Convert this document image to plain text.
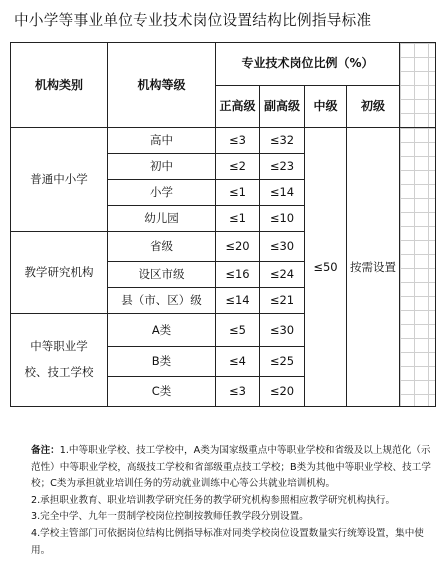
中小学等事业单位专业技术岗位设置结构比例指导标准
机构类别	机构等级	专业技术岗位比例（%）				

		正高级	副高级	中级	初级	
普通中小学	高中	≤3	≤32	≤50	按需设置	

	初中	≤2	≤23			
	小学	≤1	≤14			
	幼儿园	≤1	≤10			
教学研究机构	省级	≤20	≤30			
	设区市级	≤16	≤24			
	县（市、区）级	≤14	≤21			

中等职业学
校、技工学校	A类	≤5	≤30			
	B类	≤4	≤25			
	C类	≤3	≤20			

备注：1.中等职业学校、技工学校中，A类为国家级重点中等职业学校和省级及以上规范化（示范性）中等职业学校，高级技工学校和省部级重点技工学校；B类为其他中等职业学校、技工学校；C类为承担就业培训任务的劳动就业训练中心等公共就业培训机构。

2.承担职业教育、职业培训教学研究任务的教学研究机构参照相应教学研究机构执行。

3.完全中学、九年一贯制学校岗位控制按教师任教学段分别设置。

4.学校主管部门可依据岗位结构比例指导标准对同类学校岗位设置数量实行统筹设置，集中使用。
